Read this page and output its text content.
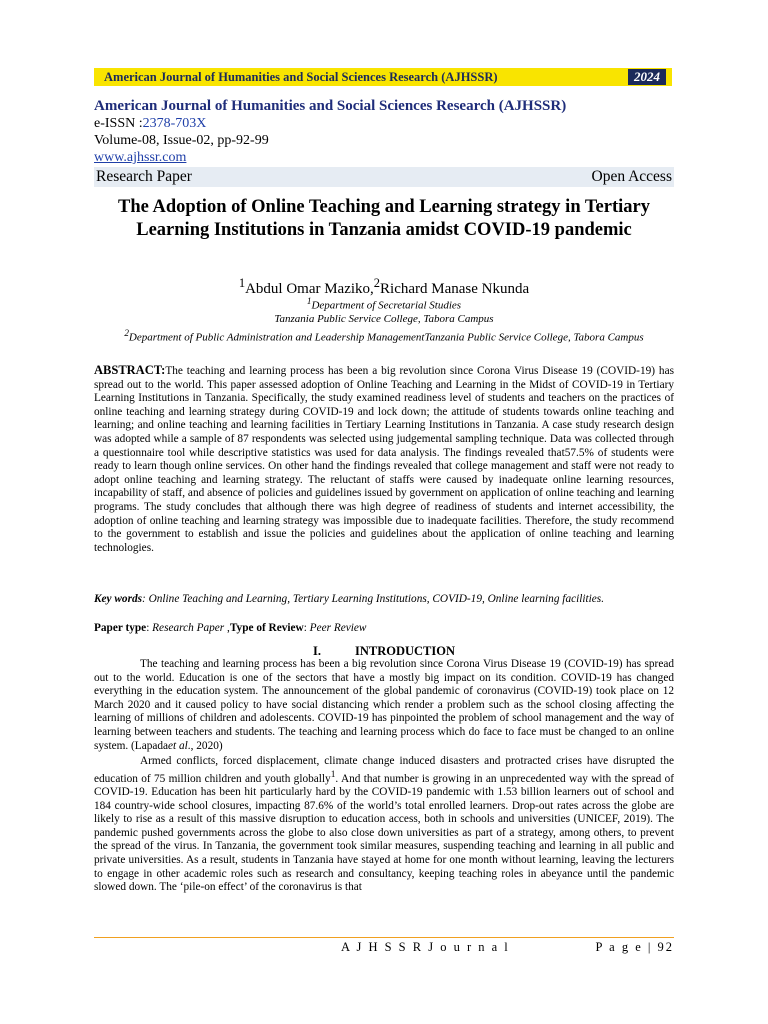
American Journal of Humanities and Social Sciences Research (AJHSSR)	2024
American Journal of Humanities and Social Sciences Research (AJHSSR)
e-ISSN :2378-703X
Volume-08, Issue-02, pp-92-99
www.ajhssr.com
Research Paper	Open Access
The Adoption of Online Teaching and Learning strategy in Tertiary Learning Institutions in Tanzania amidst COVID-19 pandemic
$^1$Abdul Omar Maziko,$^2$Richard Manase Nkunda
$^1$Department of Secretarial Studies
Tanzania Public Service College, Tabora Campus
$^2$Department of Public Administration and Leadership ManagementTanzania Public Service College, Tabora Campus
ABSTRACT:The teaching and learning process has been a big revolution since Corona Virus Disease 19 (COVID-19) has spread out to the world. This paper assessed adoption of Online Teaching and Learning in the Midst of COVID-19 in Tertiary Learning Institutions in Tanzania. Specifically, the study examined readiness level of students and teachers on the practices of online teaching and learning strategy during COVID-19 and lock down; the attitude of students towards online teaching and learning; and online teaching and learning facilities in Tertiary Learning Institutions in Tanzania. A case study research design was adopted while a sample of 87 respondents was selected using judgemental sampling technique. Data was collected through a questionnaire tool while descriptive statistics was used for data analysis. The findings revealed that57.5% of students were ready to learn though online services. On other hand the findings revealed that college management and staff were not ready to adopt online teaching and learning strategy. The reluctant of staffs were caused by inadequate online learning resources, incapability of staff, and absence of policies and guidelines issued by government on application of online teaching and learning programs. The study concludes that although there was high degree of readiness of students and internet accessibility, the adoption of online teaching and learning strategy was impossible due to inadequate facilities. Therefore, the study recommend to the government to establish and issue the policies and guidelines about the application of online teaching and learning technologies.
Key words: Online Teaching and Learning, Tertiary Learning Institutions, COVID-19, Online learning facilities.
Paper type: Research Paper ,Type of Review: Peer Review
I.	INTRODUCTION

The teaching and learning process has been a big revolution since Corona Virus Disease 19 (COVID-19) has spread out to the world. Education is one of the sectors that have a mostly big impact on its condition. COVID-19 has changed everything in the education system. The announcement of the global pandemic of coronavirus (COVID-19) took place on 12 March 2020 and it caused policy to have social distancing which render a problem such as the school closing affecting the learning of millions of children and adolescents. COVID-19 has pinpointed the problem of school management and the way of learning between teachers and students. The teaching and learning process which do face to face must be changed to an online system. (Lapadaet al., 2020)

Armed conflicts, forced displacement, climate change induced disasters and protracted crises have disrupted the education of 75 million children and youth globally$^1$. And that number is growing in an unprecedented way with the spread of COVID-19. Education has been hit particularly hard by the COVID-19 pandemic with 1.53 billion learners out of school and 184 country-wide school closures, impacting 87.6% of the world’s total enrolled learners. Drop-out rates across the globe are likely to rise as a result of this massive disruption to education access, both in schools and universities (UNICEF, 2019). The pandemic pushed governments across the globe to also close down universities as part of a strategy, among others, to prevent the spread of the virus. In Tanzania, the government took similar measures, suspending teaching and learning in all public and private universities. As a result, students in Tanzania have stayed at home for one month without learning, leaving the lecturers to engage in other academic roles such as research and consultancy, keeping teaching roles in abeyance until the pandemic slowed down. The ‘pile-on effect’ of the coronavirus is that

A J H S S R J o u r n a l	P a g e | 92
